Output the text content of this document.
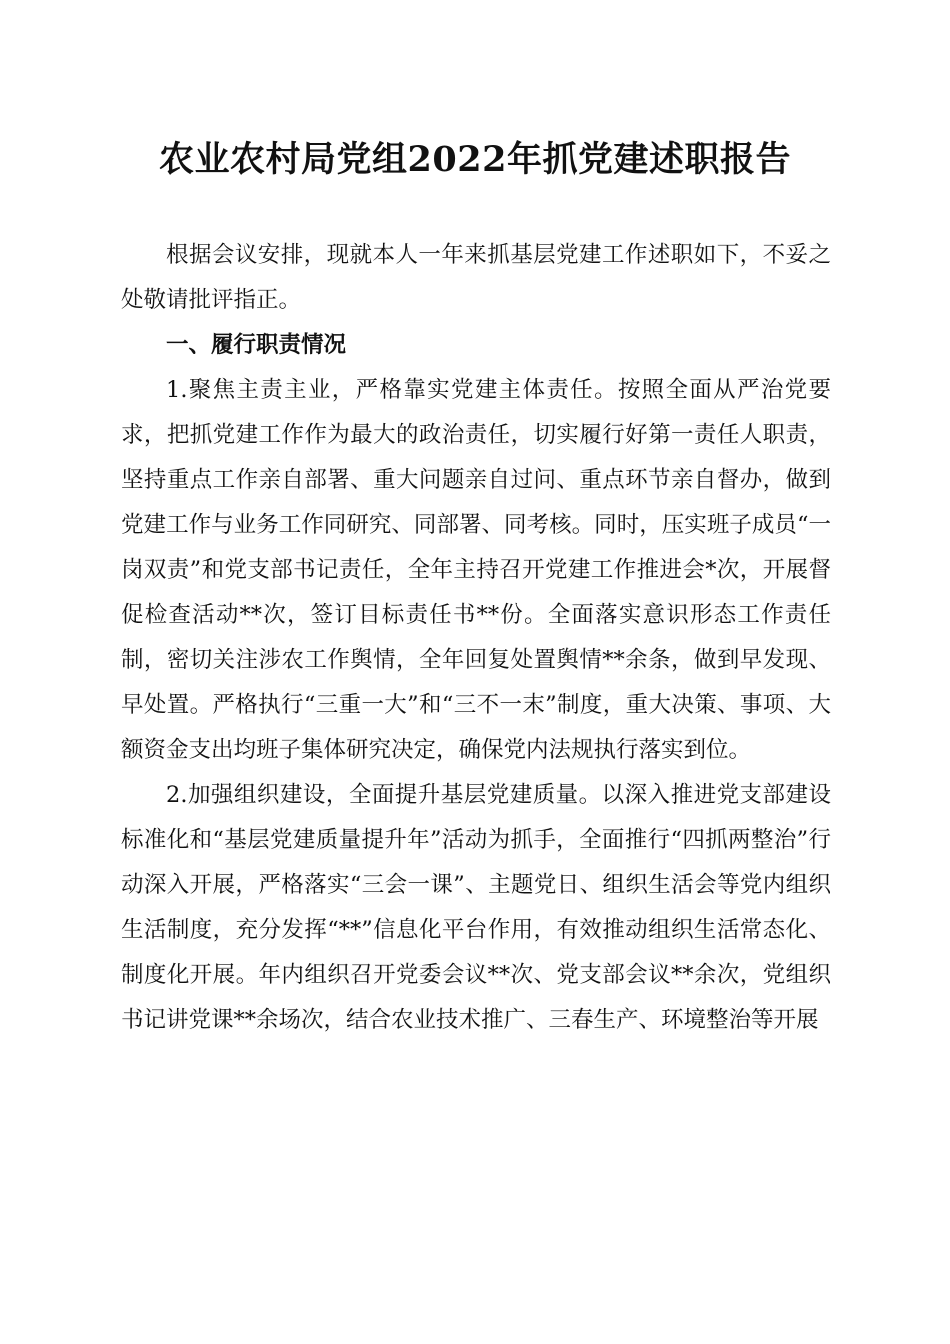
农业农村局党组2022年抓党建述职报告

根据会议安排，现就本人一年来抓基层党建工作述职如下，不妥之处敬请批评指正。

一、履行职责情况

1.聚焦主责主业，严格靠实党建主体责任。按照全面从严治党要求，把抓党建工作作为最大的政治责任，切实履行好第一责任人职责，坚持重点工作亲自部署、重大问题亲自过问、重点环节亲自督办，做到党建工作与业务工作同研究、同部署、同考核。同时，压实班子成员“一岗双责”和党支部书记责任，全年主持召开党建工作推进会*次，开展督促检查活动**次，签订目标责任书**份。全面落实意识形态工作责任制，密切关注涉农工作舆情，全年回复处置舆情**余条，做到早发现、早处置。严格执行“三重一大”和“三不一末”制度，重大决策、事项、大额资金支出均班子集体研究决定，确保党内法规执行落实到位。

2.加强组织建设，全面提升基层党建质量。以深入推进党支部建设标准化和“基层党建质量提升年”活动为抓手，全面推行“四抓两整治”行动深入开展，严格落实“三会一课”、主题党日、组织生活会等党内组织生活制度，充分发挥“**”信息化平台作用，有效推动组织生活常态化、制度化开展。年内组织召开党委会议**次、党支部会议**余次，党组织书记讲党课**余场次，结合农业技术推广、三春生产、环境整治等开展
